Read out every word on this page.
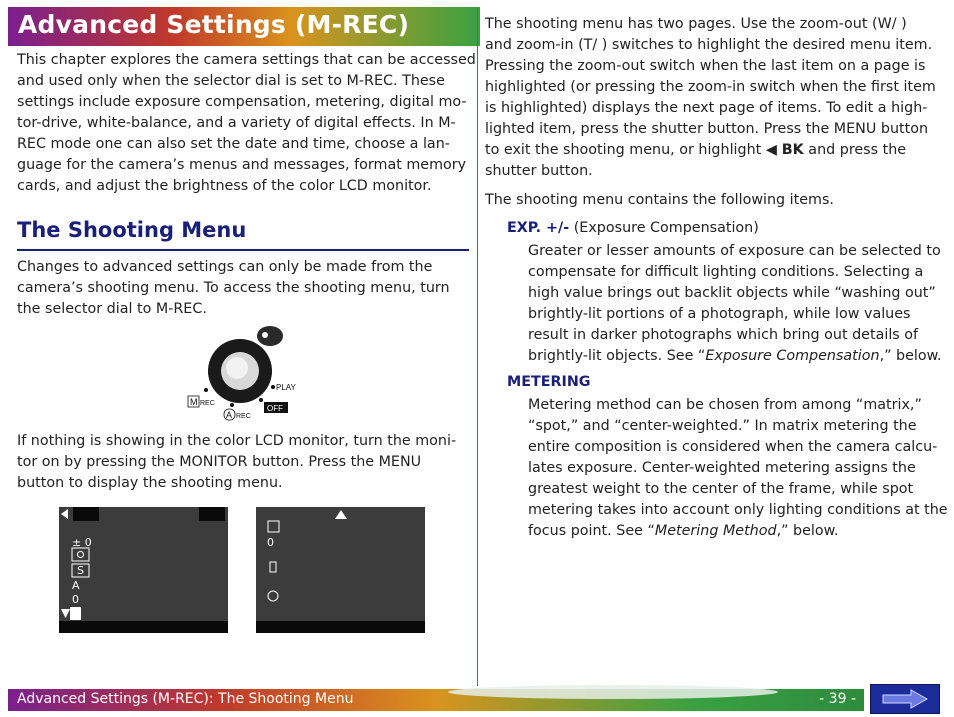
Advanced Settings (M-REC)
This chapter explores the camera settings that can be accessed
and used only when the selector dial is set to M-REC. These
settings include exposure compensation, metering, digital mo-
tor-drive, white-balance, and a variety of digital effects. In M-
REC mode one can also set the date and time, choose a lan-
guage for the camera’s menus and messages, format memory
cards, and adjust the brightness of the color LCD monitor.
The Shooting Menu
Changes to advanced settings can only be made from the
camera’s shooting menu. To access the shooting menu, turn
the selector dial to M-REC.
M REC
A REC
PLAY
OFF
If nothing is showing in the color LCD monitor, turn the moni-
tor on by pressing the MONITOR button. Press the MENU
button to display the shooting menu.
± 0
S
A
0
0
The shooting menu has two pages. Use the zoom-out (W/ )
and zoom-in (T/ ) switches to highlight the desired menu item.
Pressing the zoom-out switch when the last item on a page is
highlighted (or pressing the zoom-in switch when the first item
is highlighted) displays the next page of items. To edit a high-
lighted item, press the shutter button. Press the MENU button
to exit the shooting menu, or highlight ◀ BK and press the
shutter button.
The shooting menu contains the following items.
EXP. +/- (Exposure Compensation)
Greater or lesser amounts of exposure can be selected to
compensate for difficult lighting conditions. Selecting a
high value brings out backlit objects while “washing out”
brightly-lit portions of a photograph, while low values
result in darker photographs which bring out details of
brightly-lit objects. See “Exposure Compensation,” below.
METERING
Metering method can be chosen from among “matrix,”
“spot,” and “center-weighted.” In matrix metering the
entire composition is considered when the camera calcu-
lates exposure. Center-weighted metering assigns the
greatest weight to the center of the frame, while spot
metering takes into account only lighting conditions at the
focus point. See “Metering Method,” below.
Advanced Settings (M-REC): The Shooting Menu	- 39 -
